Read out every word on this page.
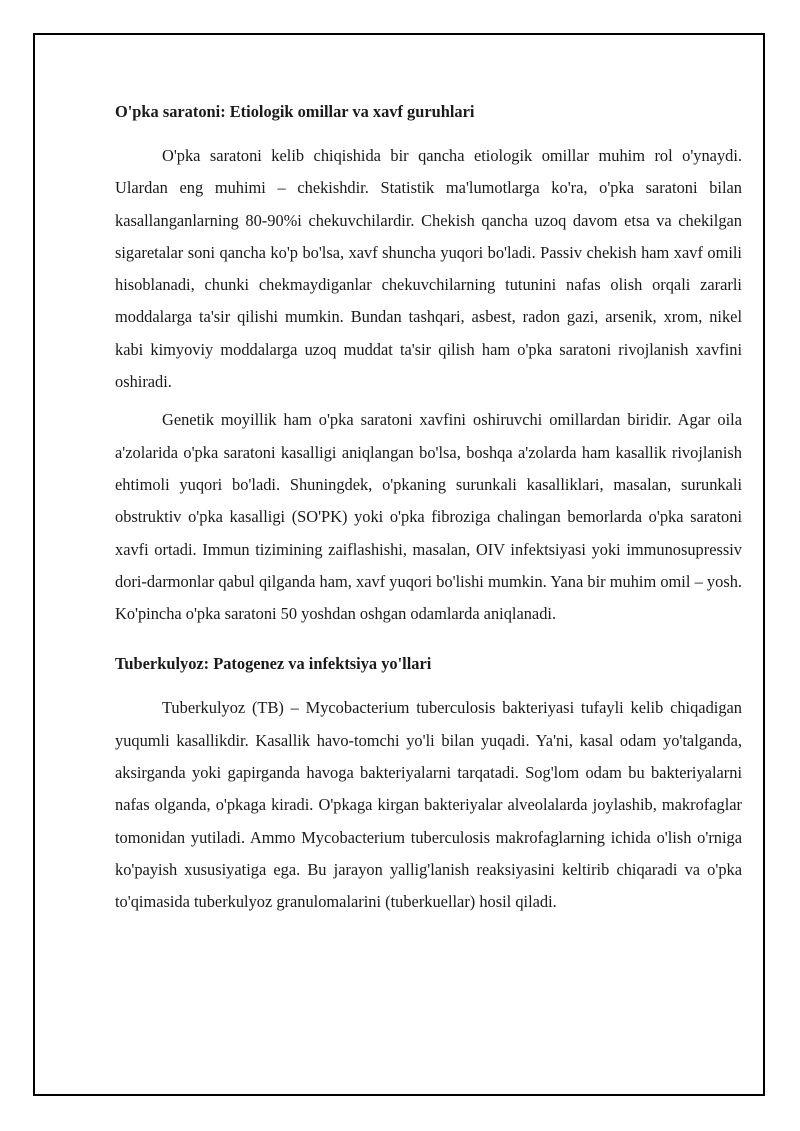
O'pka saratoni: Etiologik omillar va xavf guruhlari

O'pka saratoni kelib chiqishida bir qancha etiologik omillar muhim rol o'ynaydi. Ulardan eng muhimi – chekishdir. Statistik ma'lumotlarga ko'ra, o'pka saratoni bilan kasallanganlarning 80-90%i chekuvchilardir. Chekish qancha uzoq davom etsa va chekilgan sigaretalar soni qancha ko'p bo'lsa, xavf shuncha yuqori bo'ladi. Passiv chekish ham xavf omili hisoblanadi, chunki chekmaydiganlar chekuvchilarning tutunini nafas olish orqali zararli moddalarga ta'sir qilishi mumkin. Bundan tashqari, asbest, radon gazi, arsenik, xrom, nikel kabi kimyoviy moddalarga uzoq muddat ta'sir qilish ham o'pka saratoni rivojlanish xavfini oshiradi.

Genetik moyillik ham o'pka saratoni xavfini oshiruvchi omillardan biridir. Agar oila a'zolarida o'pka saratoni kasalligi aniqlangan bo'lsa, boshqa a'zolarda ham kasallik rivojlanish ehtimoli yuqori bo'ladi. Shuningdek, o'pkaning surunkali kasalliklari, masalan, surunkali obstruktiv o'pka kasalligi (SO'PK) yoki o'pka fibroziga chalingan bemorlarda o'pka saratoni xavfi ortadi. Immun tizimining zaiflashishi, masalan, OIV infektsiyasi yoki immunosupressiv dori-darmonlar qabul qilganda ham, xavf yuqori bo'lishi mumkin. Yana bir muhim omil – yosh. Ko'pincha o'pka saratoni 50 yoshdan oshgan odamlarda aniqlanadi.

Tuberkulyoz: Patogenez va infektsiya yo'llari

Tuberkulyoz (TB) – Mycobacterium tuberculosis bakteriyasi tufayli kelib chiqadigan yuqumli kasallikdir. Kasallik havo-tomchi yo'li bilan yuqadi. Ya'ni, kasal odam yo'talganda, aksirganda yoki gapirganda havoga bakteriyalarni tarqatadi. Sog'lom odam bu bakteriyalarni nafas olganda, o'pkaga kiradi. O'pkaga kirgan bakteriyalar alveolalarda joylashib, makrofaglar tomonidan yutiladi. Ammo Mycobacterium tuberculosis makrofaglarning ichida o'lish o'rniga ko'payish xususiyatiga ega. Bu jarayon yallig'lanish reaksiyasini keltirib chiqaradi va o'pka to'qimasida tuberkulyoz granulomalarini (tuberkuellar) hosil qiladi.
